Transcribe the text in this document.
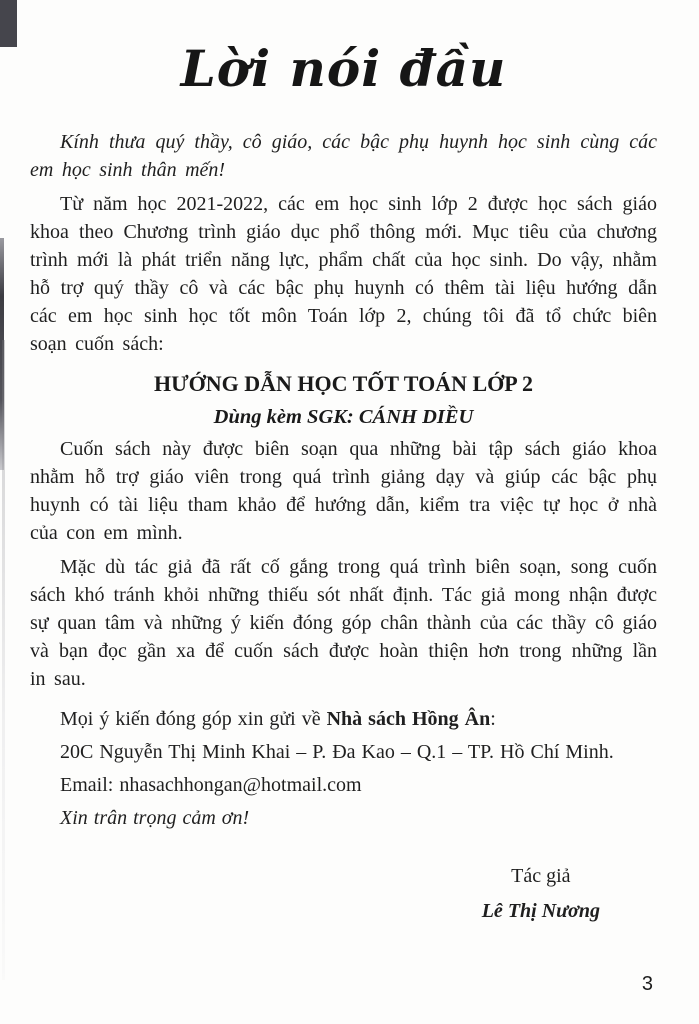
Lời nói đầu

Kính thưa quý thầy, cô giáo, các bậc phụ huynh học sinh cùng các em học sinh thân mến!

Từ năm học 2021-2022, các em học sinh lớp 2 được học sách giáo khoa theo Chương trình giáo dục phổ thông mới. Mục tiêu của chương trình mới là phát triển năng lực, phẩm chất của học sinh. Do vậy, nhằm hỗ trợ quý thầy cô và các bậc phụ huynh có thêm tài liệu hướng dẫn các em học sinh học tốt môn Toán lớp 2, chúng tôi đã tổ chức biên soạn cuốn sách:

HƯỚNG DẪN HỌC TỐT TOÁN LỚP 2
Dùng kèm SGK: CÁNH DIỀU

Cuốn sách này được biên soạn qua những bài tập sách giáo khoa nhằm hỗ trợ giáo viên trong quá trình giảng dạy và giúp các bậc phụ huynh có tài liệu tham khảo để hướng dẫn, kiểm tra việc tự học ở nhà của con em mình.

Mặc dù tác giả đã rất cố gắng trong quá trình biên soạn, song cuốn sách khó tránh khỏi những thiếu sót nhất định. Tác giả mong nhận được sự quan tâm và những ý kiến đóng góp chân thành của các thầy cô giáo và bạn đọc gần xa để cuốn sách được hoàn thiện hơn trong những lần in sau.

Mọi ý kiến đóng góp xin gửi về Nhà sách Hồng Ân:

20C Nguyễn Thị Minh Khai – P. Đa Kao – Q.1 – TP. Hồ Chí Minh.

Email: nhasachhongan@hotmail.com

Xin trân trọng cảm ơn!

Tác giả
Lê Thị Nương
3
